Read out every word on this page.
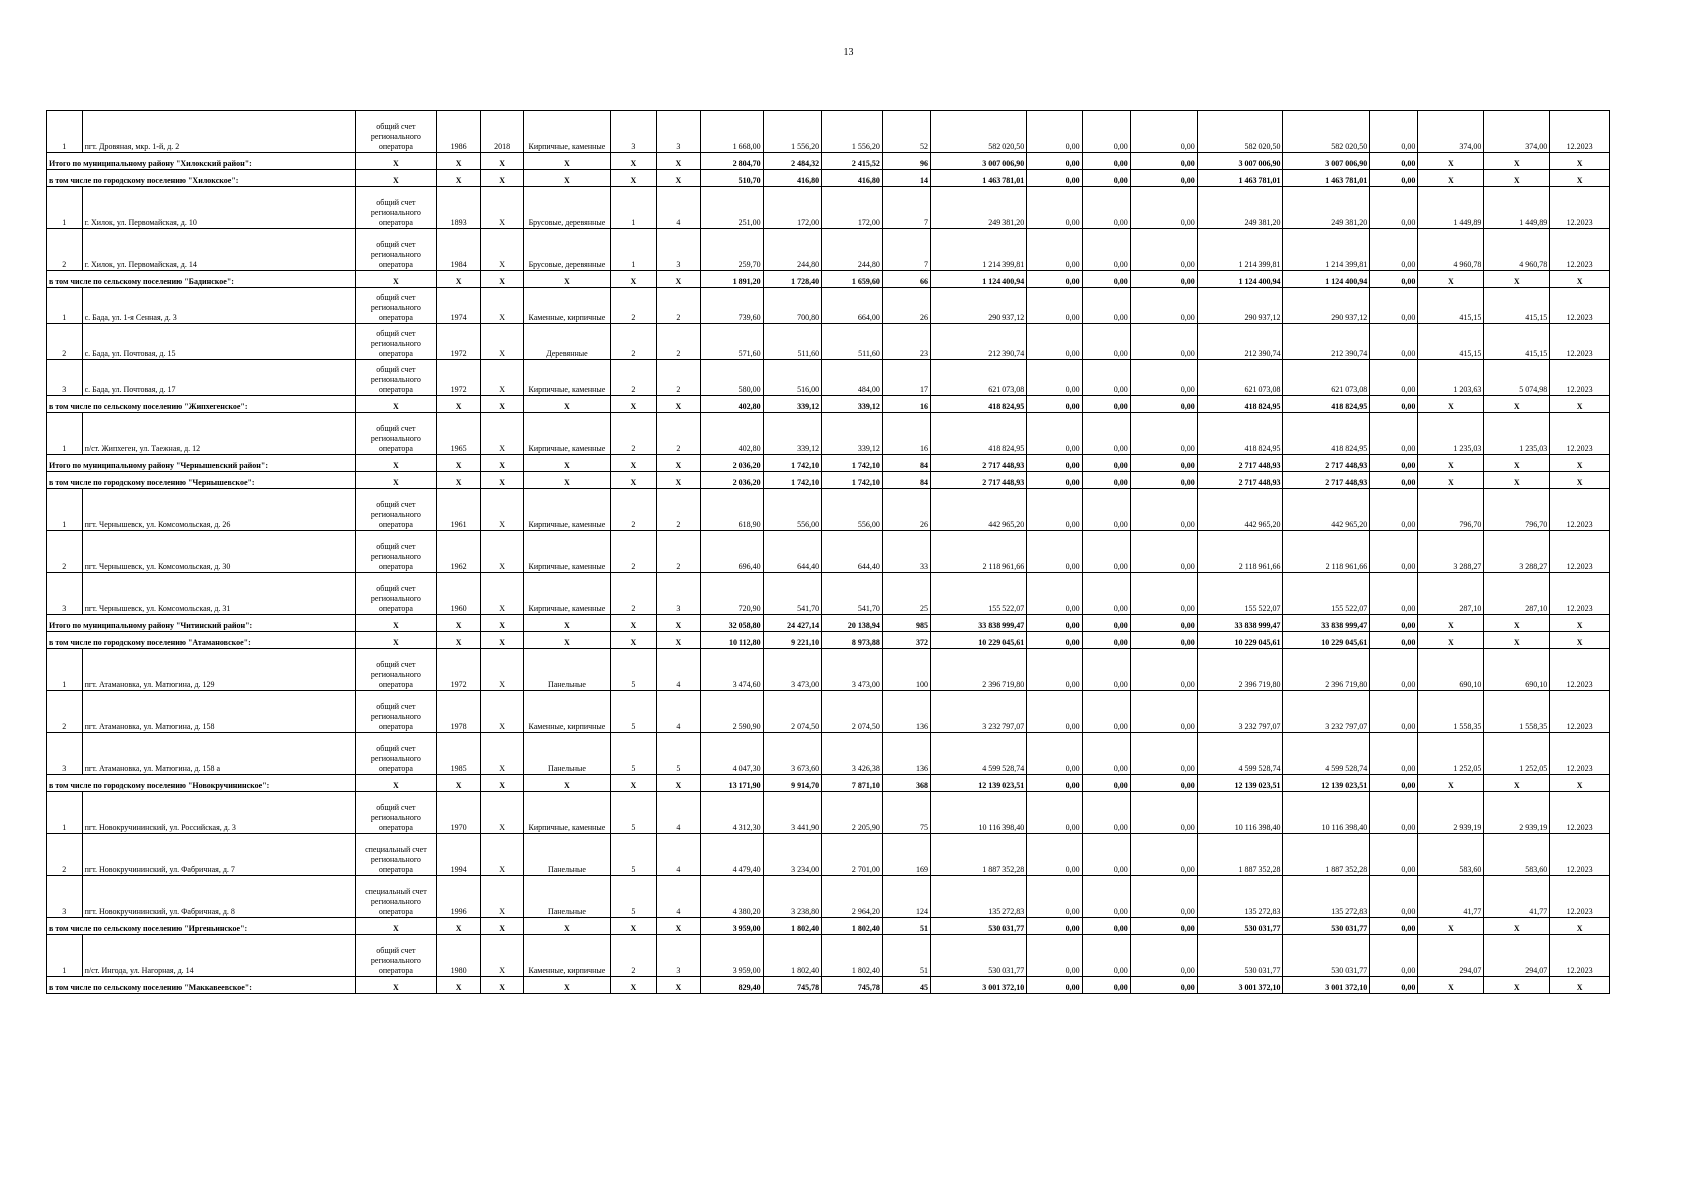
13
1	пгт. Дровяная, мкр. 1-й, д. 2	общий счет регионального оператора	1986	2018	Кирпичные, каменные	3	3	1 668,00	1 556,20	1 556,20	52	582 020,50	0,00	0,00	0,00	582 020,50	582 020,50	0,00	374,00	374,00	12.2023
Итого по муниципальному району "Хилокский район":		X	X	X	X	X	X	2 804,70	2 484,32	2 415,52	96	3 007 006,90	0,00	0,00	0,00	3 007 006,90	3 007 006,90	0,00	X	X	X
в том числе по городскому поселению "Хилокское":		X	X	X	X	X	X	510,70	416,80	416,80	14	1 463 781,01	0,00	0,00	0,00	1 463 781,01	1 463 781,01	0,00	X	X	X
1	г. Хилок, ул. Первомайская, д. 10	общий счет регионального оператора	1893	X	Брусовые, деревянные	1	4	251,00	172,00	172,00	7	249 381,20	0,00	0,00	0,00	249 381,20	249 381,20	0,00	1 449,89	1 449,89	12.2023
2	г. Хилок, ул. Первомайская, д. 14	общий счет регионального оператора	1984	X	Брусовые, деревянные	1	3	259,70	244,80	244,80	7	1 214 399,81	0,00	0,00	0,00	1 214 399,81	1 214 399,81	0,00	4 960,78	4 960,78	12.2023
в том числе по сельскому поселению "Бадинское":		X	X	X	X	X	X	1 891,20	1 728,40	1 659,60	66	1 124 400,94	0,00	0,00	0,00	1 124 400,94	1 124 400,94	0,00	X	X	X
1	с. Бада, ул. 1-я Сенная, д. 3	общий счет регионального оператора	1974	X	Каменные, кирпичные	2	2	739,60	700,80	664,00	26	290 937,12	0,00	0,00	0,00	290 937,12	290 937,12	0,00	415,15	415,15	12.2023
2	с. Бада, ул. Почтовая, д. 15	общий счет регионального оператора	1972	X	Деревянные	2	2	571,60	511,60	511,60	23	212 390,74	0,00	0,00	0,00	212 390,74	212 390,74	0,00	415,15	415,15	12.2023
3	с. Бада, ул. Почтовая, д. 17	общий счет регионального оператора	1972	X	Кирпичные, каменные	2	2	580,00	516,00	484,00	17	621 073,08	0,00	0,00	0,00	621 073,08	621 073,08	0,00	1 203,63	5 074,98	12.2023
в том числе по сельскому поселению "Жипхегенское":		X	X	X	X	X	X	402,80	339,12	339,12	16	418 824,95	0,00	0,00	0,00	418 824,95	418 824,95	0,00	X	X	X
1	п/ст. Жипхеген, ул. Таежная, д. 12	общий счет регионального оператора	1965	X	Кирпичные, каменные	2	2	402,80	339,12	339,12	16	418 824,95	0,00	0,00	0,00	418 824,95	418 824,95	0,00	1 235,03	1 235,03	12.2023
Итого по муниципальному району "Чернышевский район":		X	X	X	X	X	X	2 036,20	1 742,10	1 742,10	84	2 717 448,93	0,00	0,00	0,00	2 717 448,93	2 717 448,93	0,00	X	X	X
в том числе по городскому поселению "Чернышевское":		X	X	X	X	X	X	2 036,20	1 742,10	1 742,10	84	2 717 448,93	0,00	0,00	0,00	2 717 448,93	2 717 448,93	0,00	X	X	X
1	пгт. Чернышевск, ул. Комсомольская, д. 26	общий счет регионального оператора	1961	X	Кирпичные, каменные	2	2	618,90	556,00	556,00	26	442 965,20	0,00	0,00	0,00	442 965,20	442 965,20	0,00	796,70	796,70	12.2023
2	пгт. Чернышевск, ул. Комсомольская, д. 30	общий счет регионального оператора	1962	X	Кирпичные, каменные	2	2	696,40	644,40	644,40	33	2 118 961,66	0,00	0,00	0,00	2 118 961,66	2 118 961,66	0,00	3 288,27	3 288,27	12.2023
3	пгт. Чернышевск, ул. Комсомольская, д. 31	общий счет регионального оператора	1960	X	Кирпичные, каменные	2	3	720,90	541,70	541,70	25	155 522,07	0,00	0,00	0,00	155 522,07	155 522,07	0,00	287,10	287,10	12.2023
Итого по муниципальному району "Читинский район":		X	X	X	X	X	X	32 058,80	24 427,14	20 138,94	985	33 838 999,47	0,00	0,00	0,00	33 838 999,47	33 838 999,47	0,00	X	X	X
в том числе по городскому поселению "Атамановское":		X	X	X	X	X	X	10 112,80	9 221,10	8 973,88	372	10 229 045,61	0,00	0,00	0,00	10 229 045,61	10 229 045,61	0,00	X	X	X
1	пгт. Атамановка, ул. Матюгина, д. 129	общий счет регионального оператора	1972	X	Панельные	5	4	3 474,60	3 473,00	3 473,00	100	2 396 719,80	0,00	0,00	0,00	2 396 719,80	2 396 719,80	0,00	690,10	690,10	12.2023
2	пгт. Атамановка, ул. Матюгина, д. 158	общий счет регионального оператора	1978	X	Каменные, кирпичные	5	4	2 590,90	2 074,50	2 074,50	136	3 232 797,07	0,00	0,00	0,00	3 232 797,07	3 232 797,07	0,00	1 558,35	1 558,35	12.2023
3	пгт. Атамановка, ул. Матюгина, д. 158 а	общий счет регионального оператора	1985	X	Панельные	5	5	4 047,30	3 673,60	3 426,38	136	4 599 528,74	0,00	0,00	0,00	4 599 528,74	4 599 528,74	0,00	1 252,05	1 252,05	12.2023
в том числе по городскому поселению "Новокручининское":		X	X	X	X	X	X	13 171,90	9 914,70	7 871,10	368	12 139 023,51	0,00	0,00	0,00	12 139 023,51	12 139 023,51	0,00	X	X	X
1	пгт. Новокручининский, ул. Российская, д. 3	общий счет регионального оператора	1970	X	Кирпичные, каменные	5	4	4 312,30	3 441,90	2 205,90	75	10 116 398,40	0,00	0,00	0,00	10 116 398,40	10 116 398,40	0,00	2 939,19	2 939,19	12.2023
2	пгт. Новокручининский, ул. Фабричная, д. 7	специальный счет регионального оператора	1994	X	Панельные	5	4	4 479,40	3 234,00	2 701,00	169	1 887 352,28	0,00	0,00	0,00	1 887 352,28	1 887 352,28	0,00	583,60	583,60	12.2023
3	пгт. Новокручининский, ул. Фабричная, д. 8	специальный счет регионального оператора	1996	X	Панельные	5	4	4 380,20	3 238,80	2 964,20	124	135 272,83	0,00	0,00	0,00	135 272,83	135 272,83	0,00	41,77	41,77	12.2023
в том числе по сельскому поселению "Иргеньинское":		X	X	X	X	X	X	3 959,00	1 802,40	1 802,40	51	530 031,77	0,00	0,00	0,00	530 031,77	530 031,77	0,00	X	X	X
1	п/ст. Ингода, ул. Нагорная, д. 14	общий счет регионального оператора	1980	X	Каменные, кирпичные	2	3	3 959,00	1 802,40	1 802,40	51	530 031,77	0,00	0,00	0,00	530 031,77	530 031,77	0,00	294,07	294,07	12.2023
в том числе по сельскому поселению "Маккавеевское":		X	X	X	X	X	X	829,40	745,78	745,78	45	3 001 372,10	0,00	0,00	0,00	3 001 372,10	3 001 372,10	0,00	X	X	X
